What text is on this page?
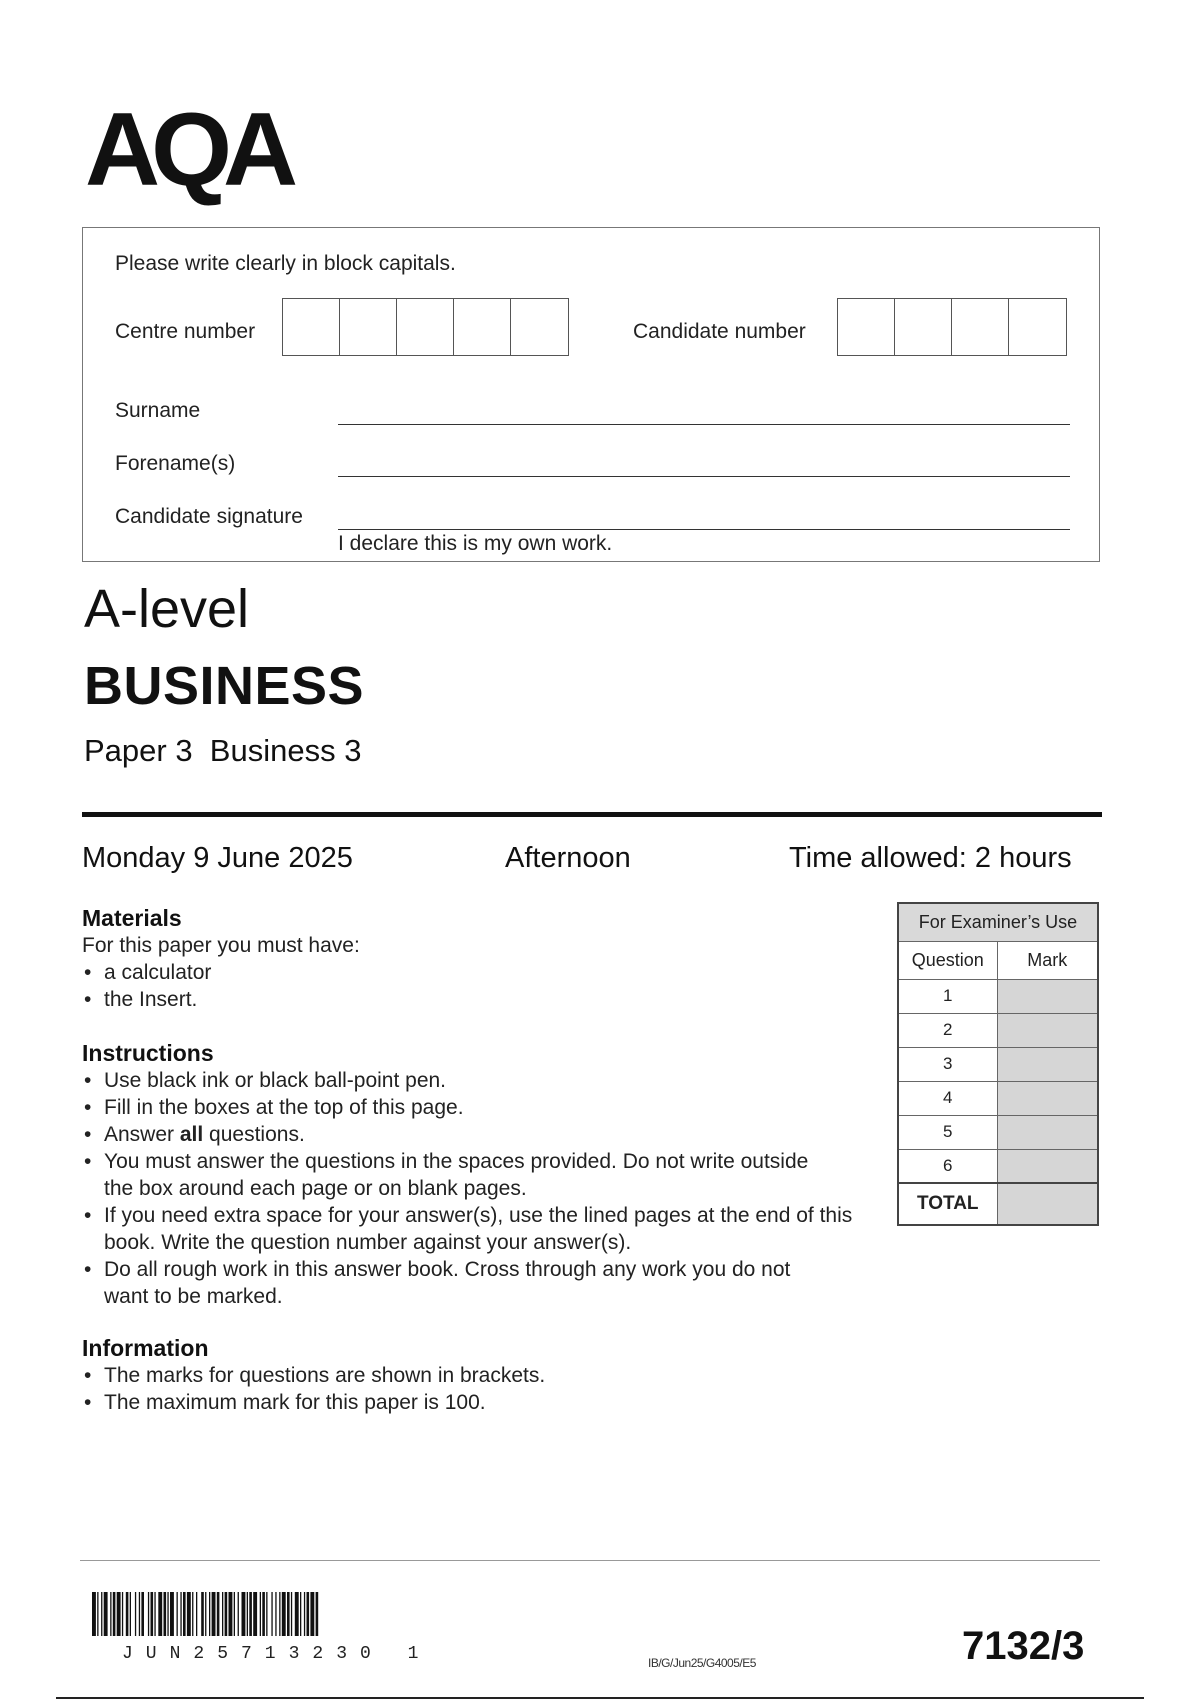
AQA
Please write clearly in block capitals.
Centre number	Candidate number
Surname
Forename(s)
Candidate signature
I declare this is my own work.
A-level
BUSINESS
Paper 3  Business 3
Monday 9 June 2025	Afternoon	Time allowed: 2 hours
Materials
For this paper you must have:
• a calculator
• the Insert.
Instructions
• Use black ink or black ball-point pen.
• Fill in the boxes at the top of this page.
• Answer all questions.
• You must answer the questions in the spaces provided. Do not write outside the box around each page or on blank pages.
• If you need extra space for your answer(s), use the lined pages at the end of this book. Write the question number against your answer(s).
• Do all rough work in this answer book. Cross through any work you do not want to be marked.
Information
• The marks for questions are shown in brackets.
• The maximum mark for this paper is 100.
For Examiner’s Use	
Question	Mark
1	
2	
3	
4	
5	
6	
TOTAL	
JUN25713230 1	IB/G/Jun25/G4005/E5	7132/3
